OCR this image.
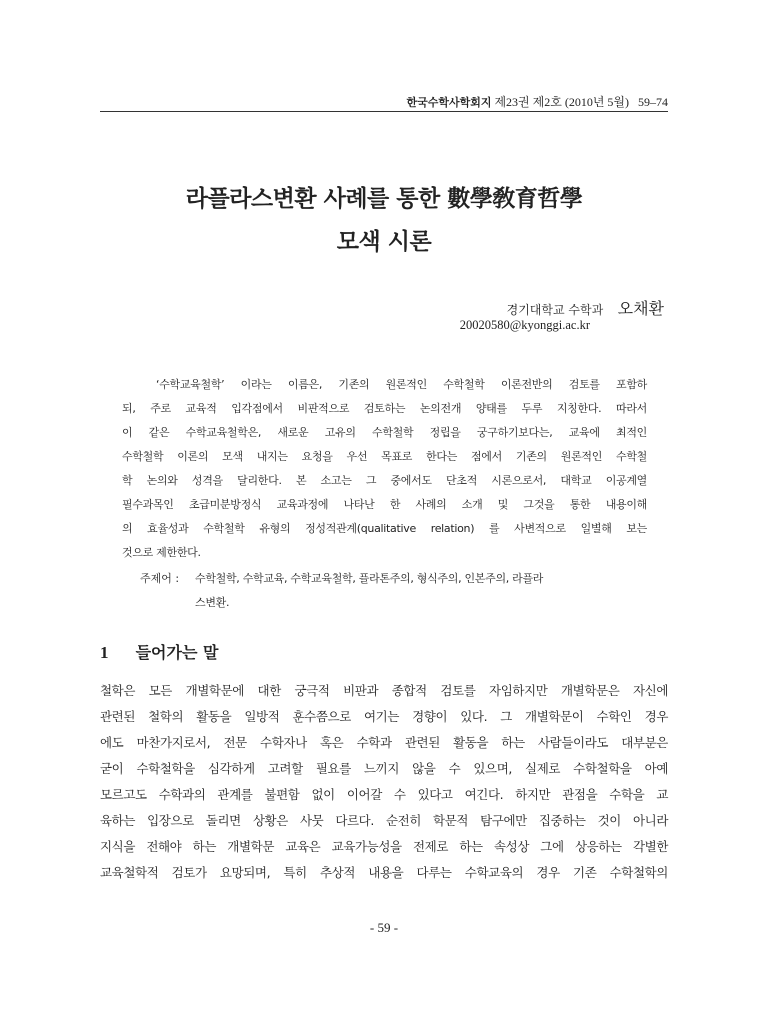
한국수학사학회지 제23권 제2호 (2010년 5월) 59–74
라플라스변환 사례를 통한 數學敎育哲學
모색 시론
경기대학교 수학과 오채환
20020580@kyonggi.ac.kr
‘수학교육철학’ 이라는 이름은, 기존의 원론적인 수학철학 이론전반의 검토를 포함하
되, 주로 교육적 입각점에서 비판적으로 검토하는 논의전개 양태를 두루 지칭한다. 따라서
이 같은 수학교육철학은, 새로운 고유의 수학철학 정립을 궁구하기보다는, 교육에 최적인
수학철학 이론의 모색 내지는 요청을 우선 목표로 한다는 점에서 기존의 원론적인 수학철
학 논의와 성격을 달리한다. 본 소고는 그 중에서도 단초적 시론으로서, 대학교 이공계열
필수과목인 초급미분방정식 교육과정에 나타난 한 사례의 소개 및 그것을 통한 내용이해
의 효율성과 수학철학 유형의 정성적관계(qualitative relation) 를 사변적으로 일별해 보는
것으로 제한한다.
주제어 : 수학철학, 수학교육, 수학교육철학, 플라톤주의, 형식주의, 인본주의, 라플라
스변환.
1 들어가는 말
철학은 모든 개별학문에 대한 궁극적 비판과 종합적 검토를 자임하지만 개별학문은 자신에
관련된 철학의 활동을 일방적 훈수쯤으로 여기는 경향이 있다. 그 개별학문이 수학인 경우
에도 마찬가지로서, 전문 수학자나 혹은 수학과 관련된 활동을 하는 사람들이라도 대부분은
굳이 수학철학을 심각하게 고려할 필요를 느끼지 않을 수 있으며, 실제로 수학철학을 아예
모르고도 수학과의 관계를 불편함 없이 이어갈 수 있다고 여긴다. 하지만 관점을 수학을 교
육하는 입장으로 돌리면 상황은 사뭇 다르다. 순전히 학문적 탐구에만 집중하는 것이 아니라
지식을 전해야 하는 개별학문 교육은 교육가능성을 전제로 하는 속성상 그에 상응하는 각별한
교육철학적 검토가 요망되며, 특히 추상적 내용을 다루는 수학교육의 경우 기존 수학철학의
- 59 -
